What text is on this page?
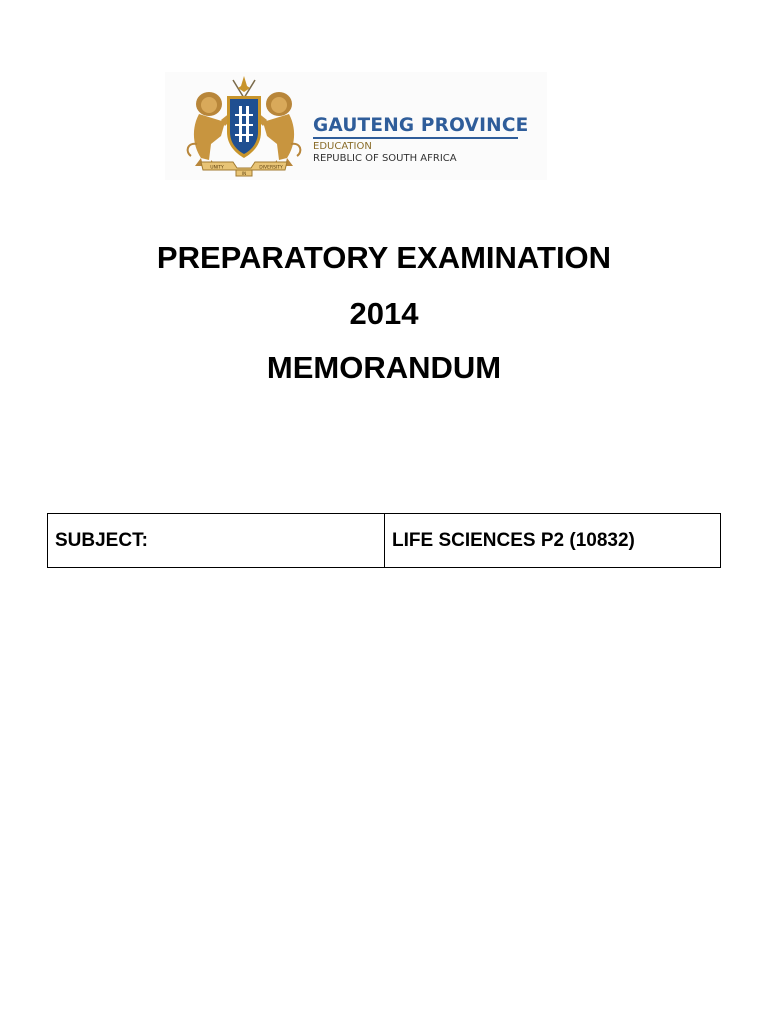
UNITY
IN
DIVERSITY
GAUTENG PROVINCE
EDUCATION
REPUBLIC OF SOUTH AFRICA
PREPARATORY EXAMINATION
2014
MEMORANDUM
SUBJECT:	LIFE SCIENCES P2 (10832)
